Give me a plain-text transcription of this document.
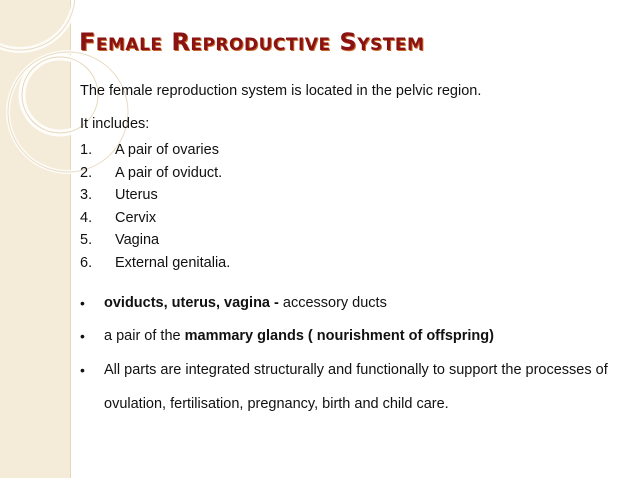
Female Reproductive System
The female reproduction system is located in the pelvic region.
It includes:
1. A pair of ovaries
2. A pair of oviduct.
3. Uterus
4. Cervix
5. Vagina
6. External genitalia.
• oviducts, uterus, vagina - accessory ducts
• a pair of the mammary glands ( nourishment of offspring)
• All parts are integrated structurally and functionally to support the processes of ovulation, fertilisation, pregnancy, birth and child care.
